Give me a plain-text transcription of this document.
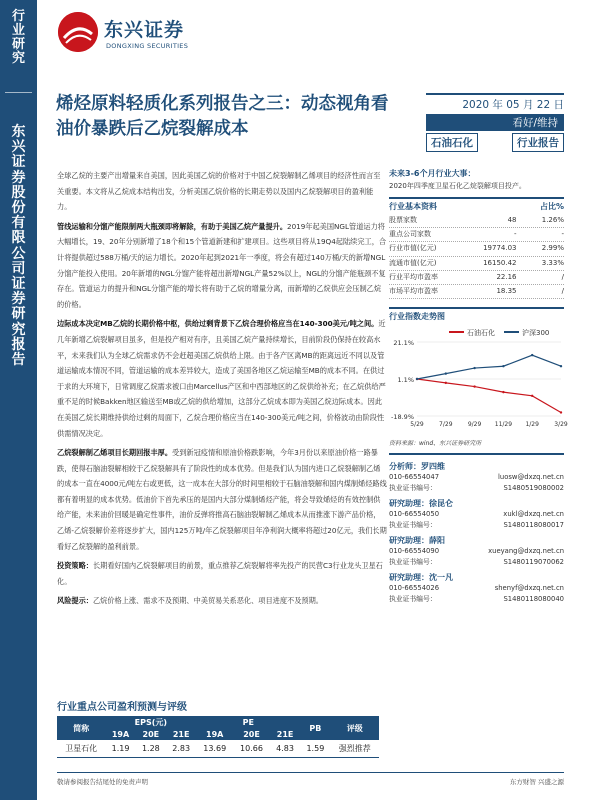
行
业
研
究
东
兴
证
券
股
份
有
限
公
司
证
券
研
究
报
告
东兴证券
DONGXING SECURITIES
烯烃原料轻质化系列报告之三：动态视角看油价暴跌后乙烷裂解成本
2020 年 05 月 22 日
看好/维持
石油石化	行业报告

全球乙烷的主要产出增量来自美国，因此美国乙烷的价格对于中国乙烷裂解制乙烯项目的经济性而言至关重要。本文将从乙烷成本结构出发，分析美国乙烷价格的长期走势以及国内乙烷裂解项目的盈利能力。

管线运输和分馏产能限制两大瓶颈即将解除，有助于美国乙烷产量提升。2019年起美国NGL管道运力将大幅增长，19、20年分别新增了18个和15个管道新建和扩建项目。这些项目将从19Q4起陆续完工，合计将提供超过588万桶/天的运力增长。2020年起到2021年一季度，将会有超过140万桶/天的新增NGL分馏产能投入使用。20年新增的NGL分馏产能将超出新增NGL产量52%以上，NGL的分馏产能瓶颈不复存在。管道运力的提升和NGL分馏产能的增长将有助于乙烷的增量分离，而新增的乙烷供应会压制乙烷的价格。

边际成本决定MB乙烷的长期价格中枢，供给过剩背景下乙烷合理价格应当在140-300美元/吨之间。近几年新增乙烷裂解项目虽多，但是投产相对有序，且美国乙烷产量持续增长，目前阶段仍保持在较高水平，未来我们认为全球乙烷需求仍不会赶超美国乙烷供给上限。由于各产区离MB的距离远近不同以及管道运输成本情况不同，管道运输的成本差异较大，造成了美国各地区乙烷运输至MB的成本不同。在供过于求的大环境下，日常调度乙烷需求被口由Marcellus产区和中西部地区的乙烷供给补充；在乙烷供给严重不足的时候Bakken地区输送至MB或乙烷的供给增加，这部分乙烷成本即为美国乙烷边际成本。因此在美国乙烷长期维持供给过剩的局面下，乙烷合理价格应当在140-300美元/吨之间，价格波动由阶段性供需情况决定。

乙烷裂解制乙烯项目长期回报丰厚。受到新冠疫情和原油价格跌影响，今年3月份以来原油价格一路暴跌，使得石脑油裂解相较于乙烷裂解具有了阶段性的成本优势。但是我们认为国内进口乙烷裂解制乙烯的成本一直在4000元/吨左右或更低，这一成本在大部分的时间里相较于石脑油裂解和国内煤制烯烃路线都有着明显的成本优势。低油价下首先承压的是国内大部分煤制烯烃产能，将会导致烯烃的有效控制供给产能，未来油价回暖是确定性事件，油价反弹将推高石脑油裂解制乙烯成本从而推涨下游产品价格，乙烯-乙烷裂解价差将逐步扩大，国内125万吨/年乙烷裂解项目年净利润大概率将超过20亿元，我们长期看好乙烷裂解的盈利前景。

投资策略：长期看好国内乙烷裂解项目的前景，重点推荐乙烷裂解将率先投产的民营C3行业龙头卫星石化。

风险提示：乙烷价格上涨、需求不及预期、中美贸易关系恶化、项目进度不及预期。

未来3-6个月行业大事：
2020年四季度卫星石化乙烷裂解项目投产。
行业基本资料	占比%
股票家数	48	1.26%
重点公司家数	-	-
行业市值(亿元)	19774.03	2.99%
流通市值(亿元)	16150.42	3.33%
行业平均市盈率	22.16	/
市场平均市盈率	18.35	/
行业指数走势图
石油石化	沪深300
21.1%
1.1%
-18.9%
5/29	7/29	9/29 11/29 1/29	3/29
资料来源：wind、东兴证券研究所
分析师：罗四维
010-66554047	luosw@dxzq.net.cn
执业证书编号：	S1480519080002
研究助理：徐昆仑
010-66554050	xukl@dxzq.net.cn
执业证书编号：	S1480118080017
研究助理：薛阳
010-66554090	xueyang@dxzq.net.cn
执业证书编号：	S1480119070062
研究助理：沈一凡
010-66554026	shenyf@dxzq.net.cn
执业证书编号：	S1480118080040
行业重点公司盈利预测与评级
简称	EPS(元)			PE			PB	评级
	19A	20E	21E	19A	20E	21E		
卫星石化	1.19	1.28	2.83	13.69	10.66	4.83	1.59	强烈推荐
敬请参阅报告结尾处的免责声明	东方财智 兴盛之源
